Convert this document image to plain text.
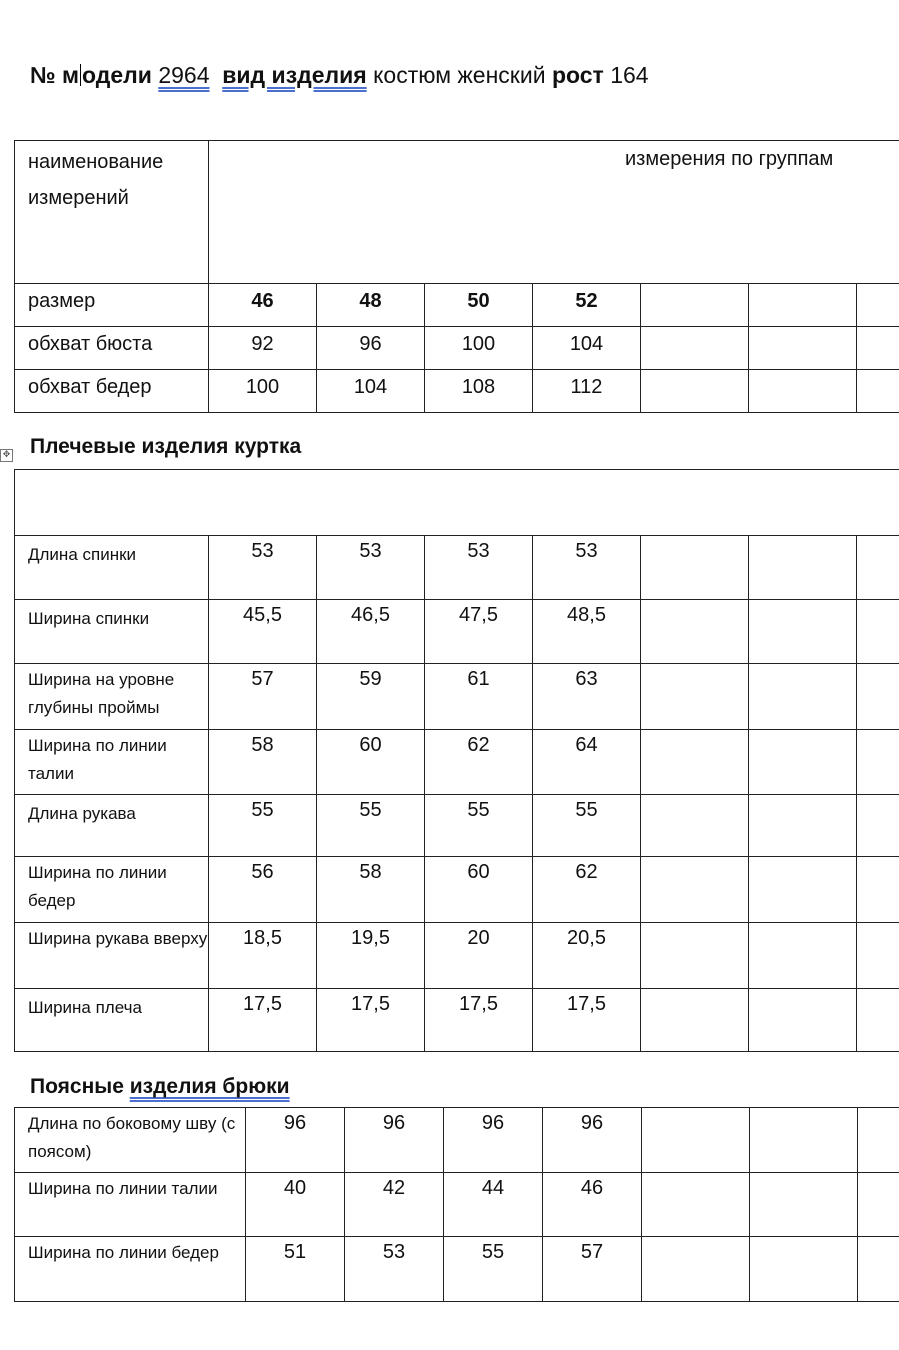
№ м одели 2964 вид изделия костюм женский рост 164
наименование измерений	измерения по группам						
размер	46	48	50	52			
обхват бюста	92	96	100	104			
обхват бедер	100	104	108	112			
✥ Плечевые изделия куртка

Длина спинки	53	53	53	53			
Ширина спинки	45,5	46,5	47,5	48,5			
Ширина на уровне глубины проймы	57	59	61	63			
Ширина по линии талии	58	60	62	64			
Длина рукава	55	55	55	55			
Ширина по линии бедер	56	58	60	62			
Ширина рукава вверху	18,5	19,5	20	20,5			
Ширина плеча	17,5	17,5	17,5	17,5			
Поясные изделия брюки
Длина по боковому шву (с поясом)	96	96	96	96			
Ширина по линии талии	40	42	44	46			
Ширина по линии бедер	51	53	55	57			
